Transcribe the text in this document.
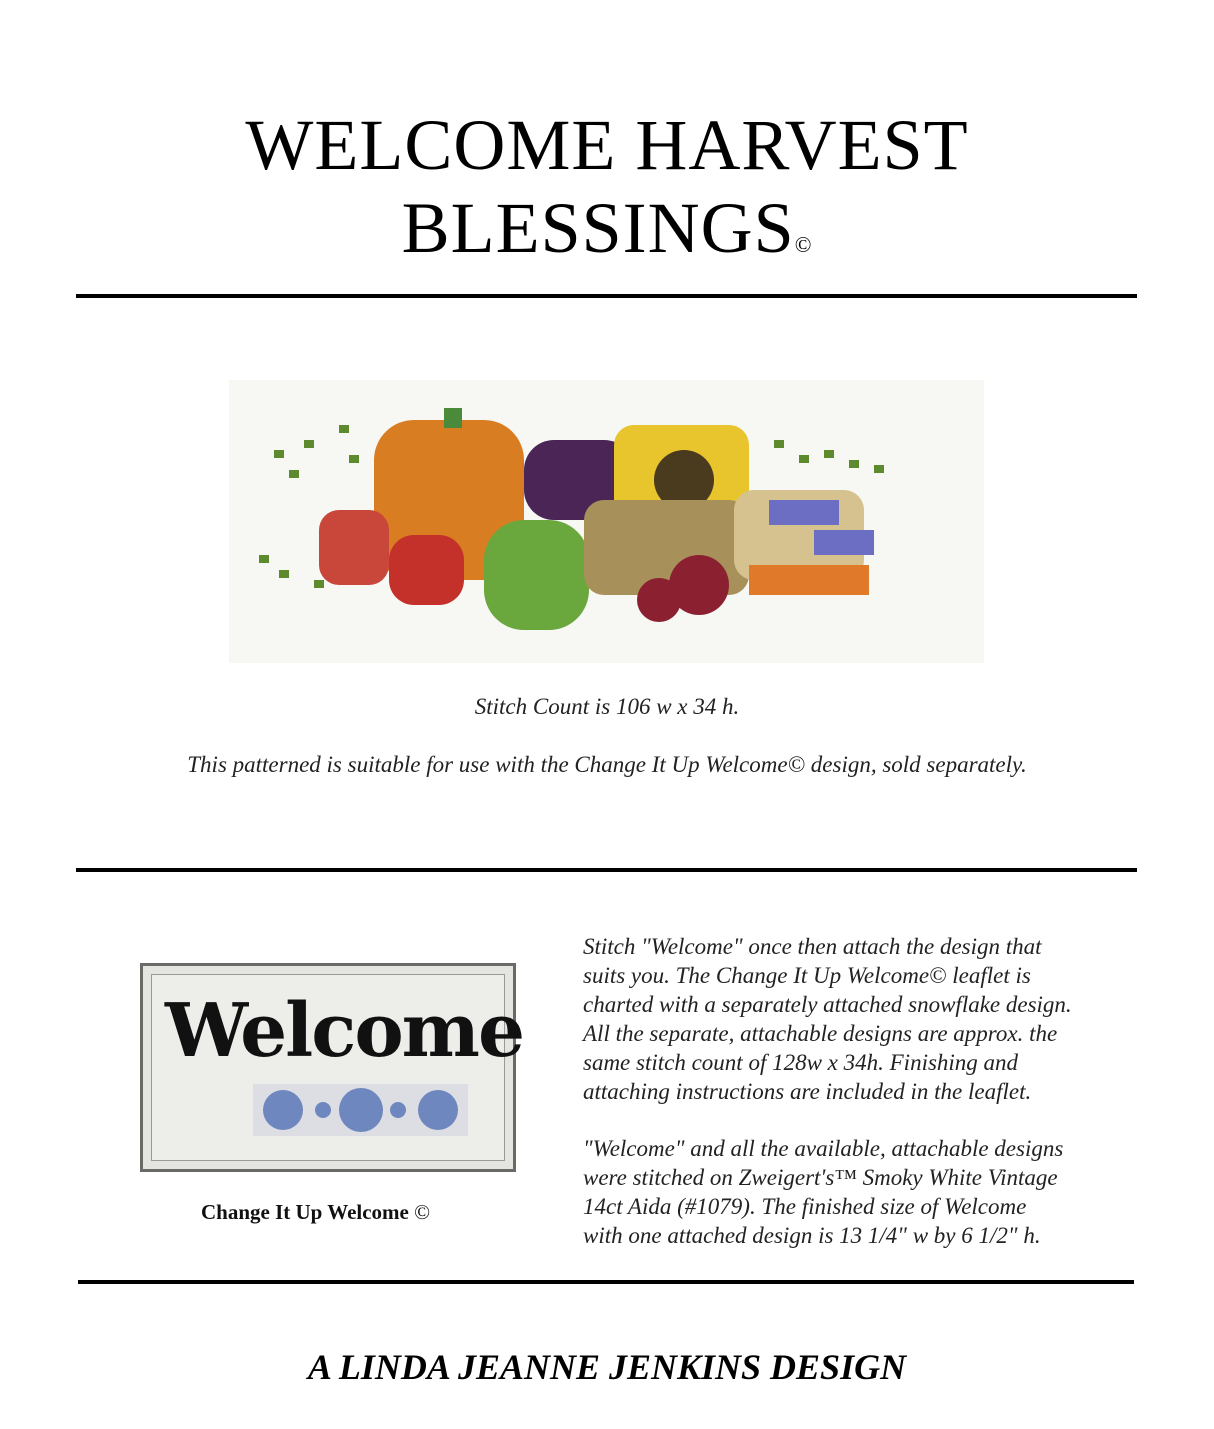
WELCOME HARVEST
BLESSINGS©
Stitch Count is 106 w x 34 h.
This patterned is suitable for use with the Change It Up Welcome© design, sold separately.
Welcome
Change It Up Welcome ©
Stitch "Welcome" once then attach the design that
suits you. The Change It Up Welcome© leaflet is
charted with a separately attached snowflake design.
All the separate, attachable designs are approx. the
same stitch count of 128w x 34h. Finishing and
attaching instructions are included in the leaflet.
"Welcome" and all the available, attachable designs
were stitched on Zweigert's™ Smoky White Vintage
14ct Aida (#1079). The finished size of Welcome
with one attached design is 13 1/4" w by 6 1/2" h.
A LINDA JEANNE JENKINS DESIGN
